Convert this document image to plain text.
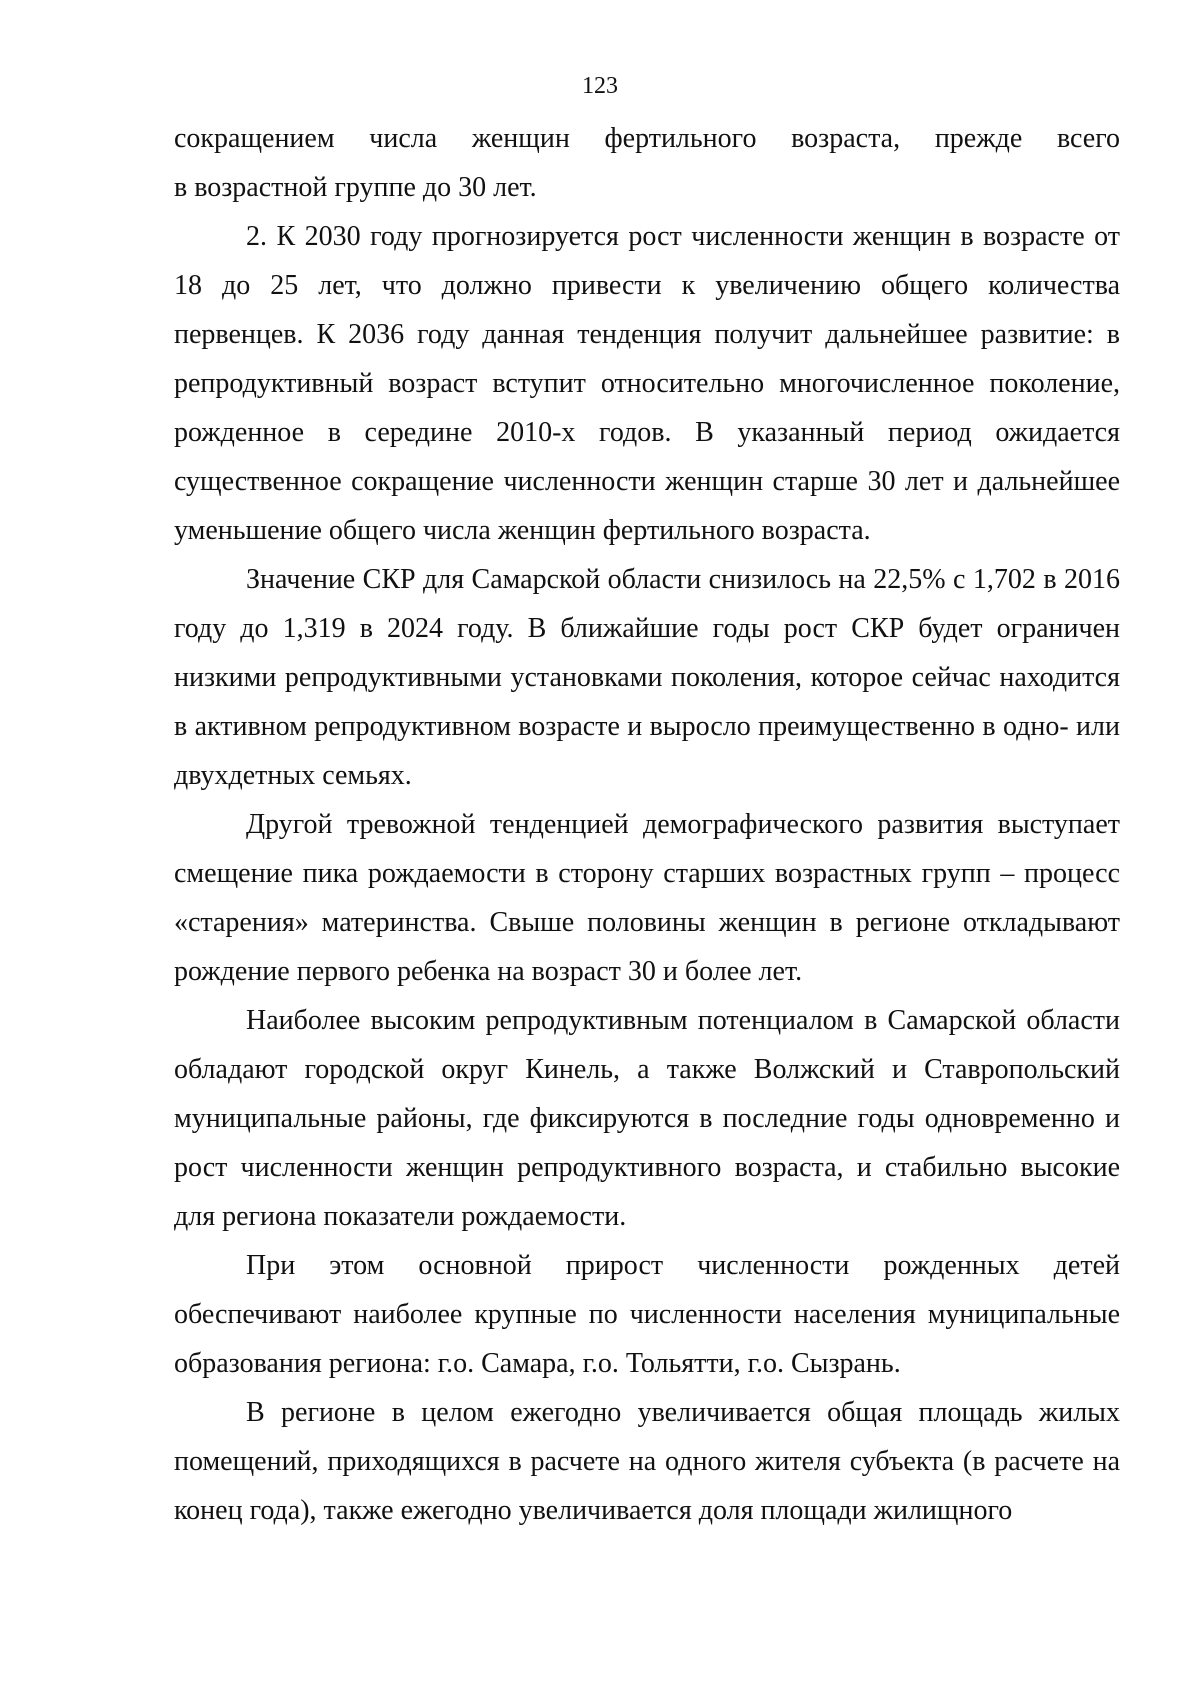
123

сокращением числа женщин фертильного возраста, прежде всего
в возрастной группе до 30 лет.

2. К 2030 году прогнозируется рост численности женщин в возрасте от 18 до 25 лет, что должно привести к увеличению общего количества первенцев. К 2036 году данная тенденция получит дальнейшее развитие: в репродуктивный возраст вступит относительно многочисленное поколение, рожденное в середине 2010-х годов. В указанный период ожидается существенное сокращение численности женщин старше 30 лет и дальнейшее уменьшение общего числа женщин фертильного возраста.

Значение СКР для Самарской области снизилось на 22,5% с 1,702 в 2016 году до 1,319 в 2024 году. В ближайшие годы рост СКР будет ограничен низкими репродуктивными установками поколения, которое сейчас находится в активном репродуктивном возрасте и выросло преимущественно в одно- или двухдетных семьях.

Другой тревожной тенденцией демографического развития выступает смещение пика рождаемости в сторону старших возрастных групп – процесс «старения» материнства. Свыше половины женщин в регионе откладывают рождение первого ребенка на возраст 30 и более лет.

Наиболее высоким репродуктивным потенциалом в Самарской области обладают городской округ Кинель, а также Волжский и Ставропольский муниципальные районы, где фиксируются в последние годы одновременно и рост численности женщин репродуктивного возраста, и стабильно высокие для региона показатели рождаемости.

При этом основной прирост численности рожденных детей обеспечивают наиболее крупные по численности населения муниципальные образования региона: г.о. Самара, г.о. Тольятти, г.о. Сызрань.

В регионе в целом ежегодно увеличивается общая площадь жилых помещений, приходящихся в расчете на одного жителя субъекта (в расчете на конец года), также ежегодно увеличивается доля площади жилищного
